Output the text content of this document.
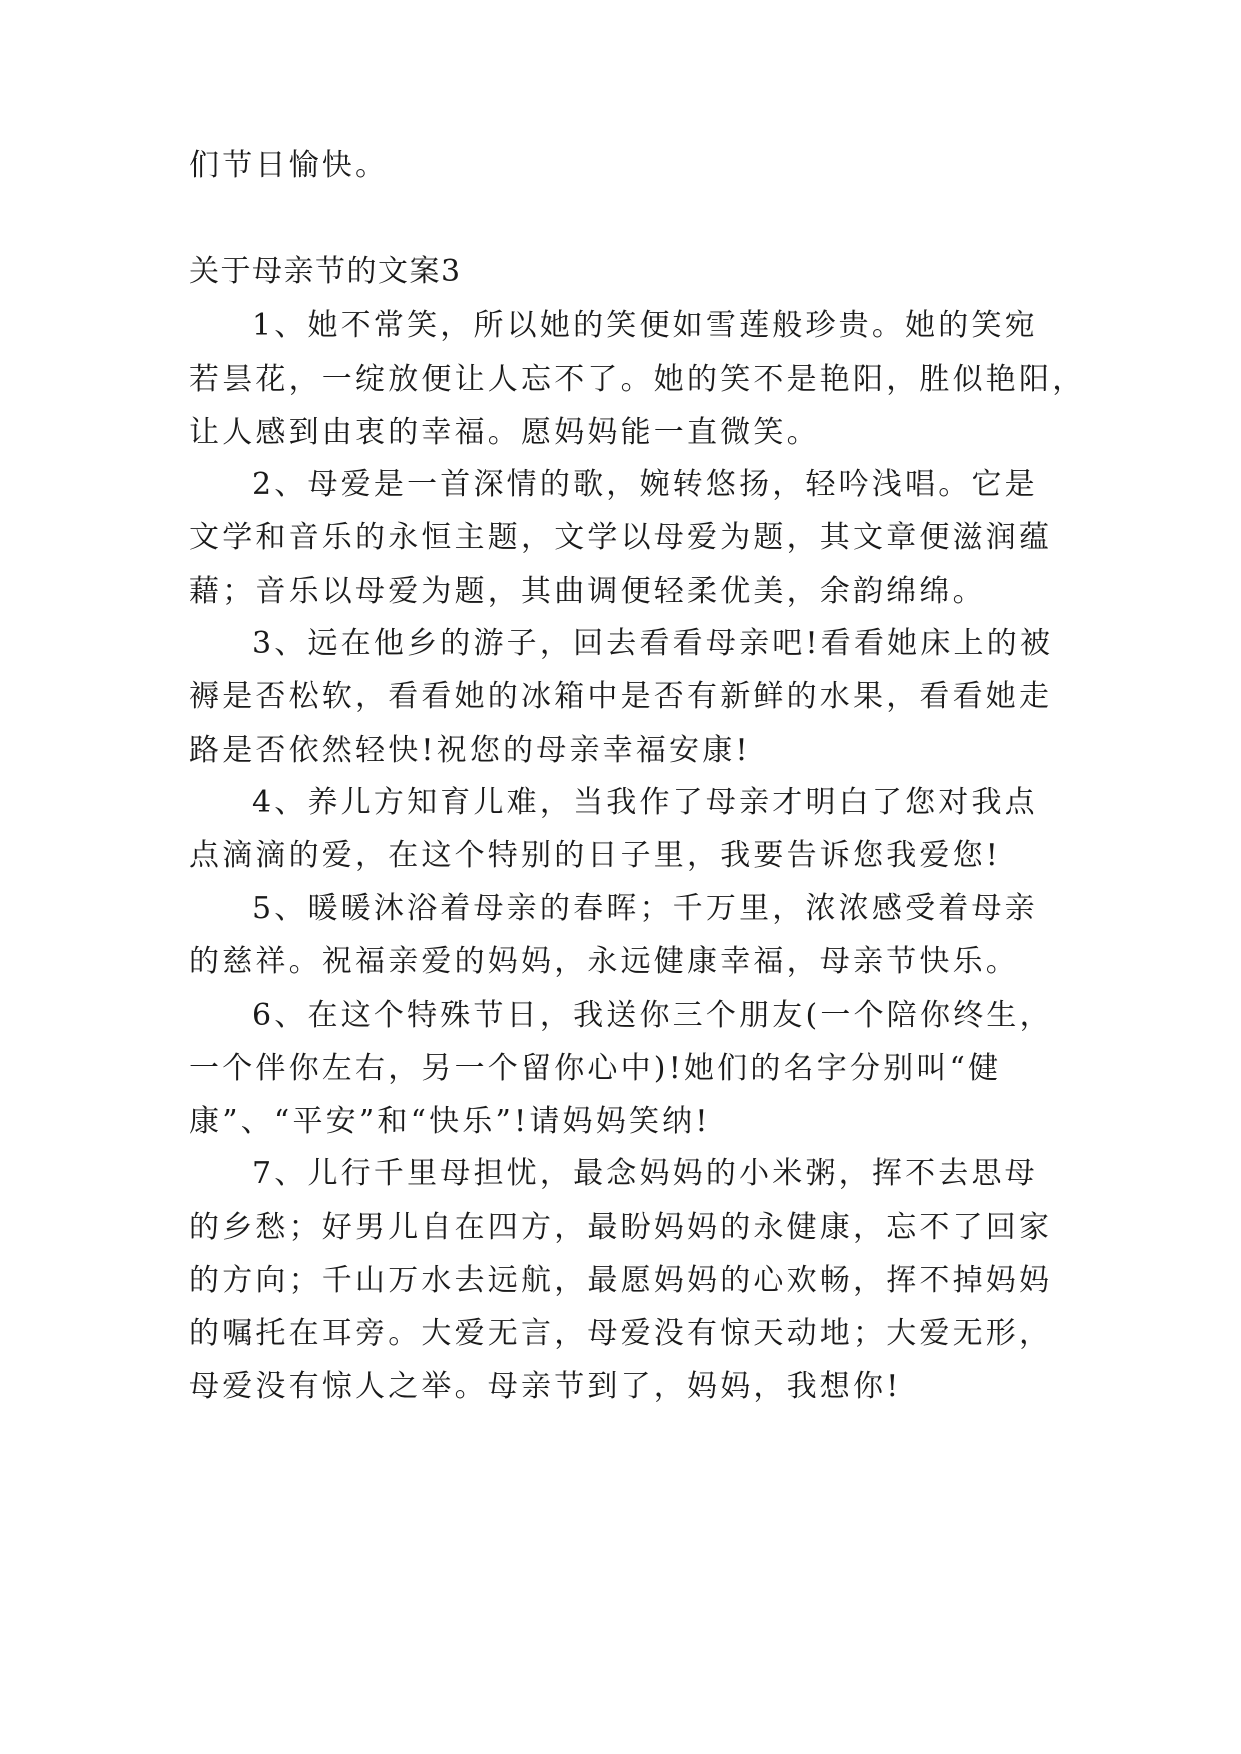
们节日愉快。
关于母亲节的文案3
1、她不常笑，所以她的笑便如雪莲般珍贵。她的笑宛
若昙花，一绽放便让人忘不了。她的笑不是艳阳，胜似艳阳，
让人感到由衷的幸福。愿妈妈能一直微笑。
2、母爱是一首深情的歌，婉转悠扬，轻吟浅唱。它是
文学和音乐的永恒主题，文学以母爱为题，其文章便滋润蕴
藉；音乐以母爱为题，其曲调便轻柔优美，余韵绵绵。
3、远在他乡的游子，回去看看母亲吧!看看她床上的被
褥是否松软，看看她的冰箱中是否有新鲜的水果，看看她走
路是否依然轻快!祝您的母亲幸福安康!
4、养儿方知育儿难，当我作了母亲才明白了您对我点
点滴滴的爱，在这个特别的日子里，我要告诉您我爱您!
5、暖暖沐浴着母亲的春晖；千万里，浓浓感受着母亲
的慈祥。祝福亲爱的妈妈，永远健康幸福，母亲节快乐。
6、在这个特殊节日，我送你三个朋友(一个陪你终生，
一个伴你左右，另一个留你心中)!她们的名字分别叫“健
康”、“平安”和“快乐”!请妈妈笑纳!
7、儿行千里母担忧，最念妈妈的小米粥，挥不去思母
的乡愁；好男儿自在四方，最盼妈妈的永健康，忘不了回家
的方向；千山万水去远航，最愿妈妈的心欢畅，挥不掉妈妈
的嘱托在耳旁。大爱无言，母爱没有惊天动地；大爱无形，
母爱没有惊人之举。母亲节到了，妈妈，我想你!
